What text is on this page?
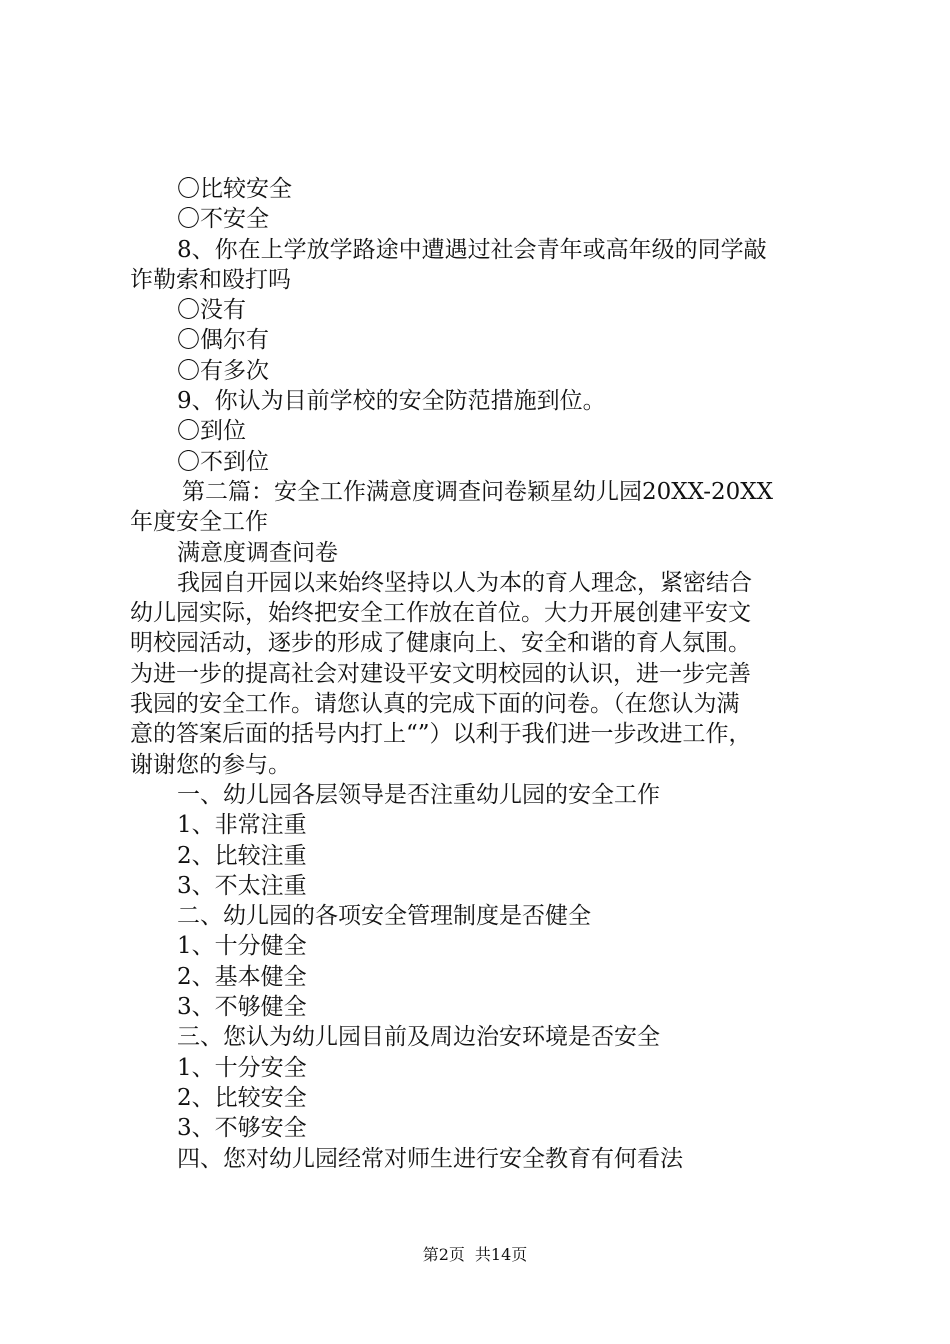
〇比较安全
〇不安全
8、你在上学放学路途中遭遇过社会青年或高年级的同学敲
诈勒索和殴打吗
〇没有
〇偶尔有
〇有多次
9、你认为目前学校的安全防范措施到位。
〇到位
〇不到位
第二篇：安全工作满意度调查问卷颖星幼儿园20XX-20XX
年度安全工作
满意度调查问卷
我园自开园以来始终坚持以人为本的育人理念，紧密结合
幼儿园实际，始终把安全工作放在首位。大力开展创建平安文
明校园活动，逐步的形成了健康向上、安全和谐的育人氛围。
为进一步的提高社会对建设平安文明校园的认识，进一步完善
我园的安全工作。请您认真的完成下面的问卷。（在您认为满
意的答案后面的括号内打上“”）以利于我们进一步改进工作，
谢谢您的参与。
一、幼儿园各层领导是否注重幼儿园的安全工作
1、非常注重
2、比较注重
3、不太注重
二、幼儿园的各项安全管理制度是否健全
1、十分健全
2、基本健全
3、不够健全
三、您认为幼儿园目前及周边治安环境是否安全
1、十分安全
2、比较安全
3、不够安全
四、您对幼儿园经常对师生进行安全教育有何看法
第2页 共14页
